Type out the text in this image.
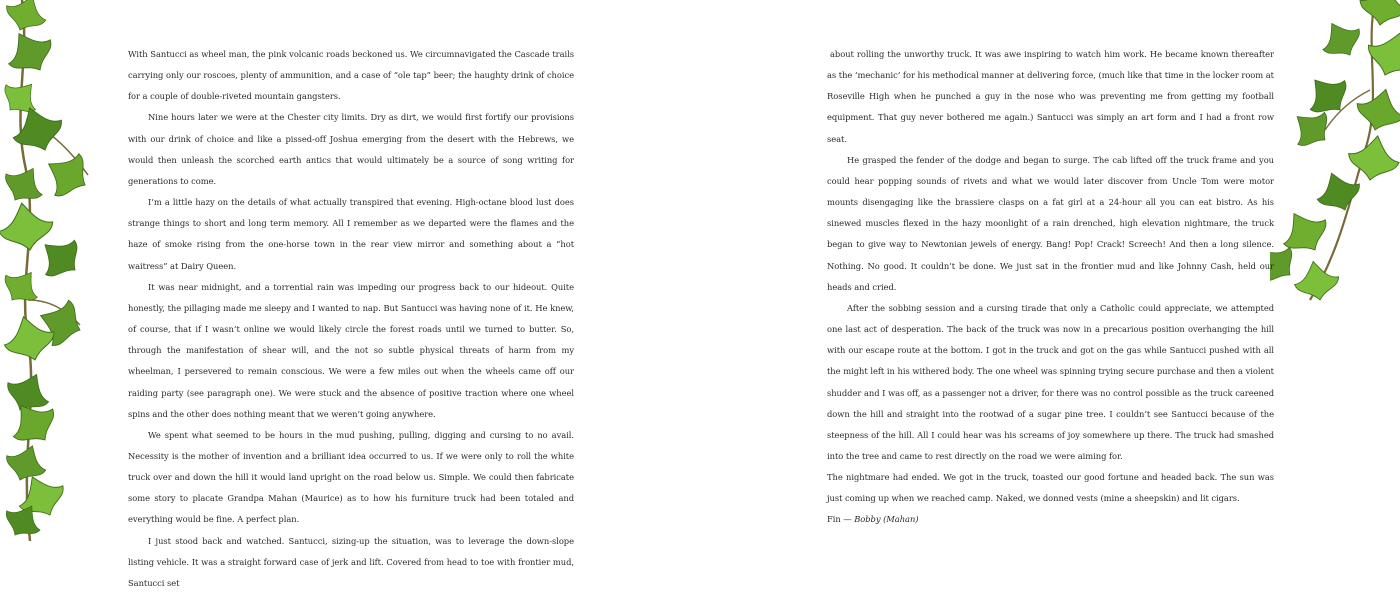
With Santucci as wheel man, the pink volcanic roads beckoned us. We circumnavigated the Cascade trails carrying only our roscoes, plenty of ammunition, and a case of “ole tap” beer; the haughty drink of choice for a couple of double-riveted mountain gangsters.

Nine hours later we were at the Chester city limits. Dry as dirt, we would first fortify our provisions with our drink of choice and like a pissed-off Joshua emerging from the desert with the Hebrews, we would then unleash the scorched earth antics that would ultimately be a source of song writing for generations to come.

I’m a little hazy on the details of what actually transpired that evening. High-octane blood lust does strange things to short and long term memory. All I remember as we departed were the flames and the haze of smoke rising from the one-horse town in the rear view mirror and something about a “hot waitress” at Dairy Queen.

It was near midnight, and a torrential rain was impeding our progress back to our hideout. Quite honestly, the pillaging made me sleepy and I wanted to nap. But Santucci was having none of it. He knew, of course, that if I wasn’t online we would likely circle the forest roads until we turned to butter. So, through the manifestation of shear will, and the not so subtle physical threats of harm from my wheelman, I persevered to remain conscious. We were a few miles out when the wheels came off our raiding party (see paragraph one). We were stuck and the absence of positive traction where one wheel spins and the other does nothing meant that we weren’t going anywhere.

We spent what seemed to be hours in the mud pushing, pulling, digging and cursing to no avail. Necessity is the mother of invention and a brilliant idea occurred to us. If we were only to roll the white truck over and down the hill it would land upright on the road below us. Simple. We could then fabricate some story to placate Grandpa Mahan (Maurice) as to how his furniture truck had been totaled and everything would be fine. A perfect plan.

I just stood back and watched. Santucci, sizing-up the situation, was to leverage the down-slope listing vehicle. It was a straight forward case of jerk and lift. Covered from head to toe with frontier mud, Santucci set

about rolling the unworthy truck. It was awe inspiring to watch him work. He became known thereafter as the ‘mechanic’ for his methodical manner at delivering force, (much like that time in the locker room at Roseville High when he punched a guy in the nose who was preventing me from getting my football equipment. That guy never bothered me again.) Santucci was simply an art form and I had a front row seat.

He grasped the fender of the dodge and began to surge. The cab lifted off the truck frame and you could hear popping sounds of rivets and what we would later discover from Uncle Tom were motor mounts disengaging like the brassiere clasps on a fat girl at a 24-hour all you can eat bistro. As his sinewed muscles flexed in the hazy moonlight of a rain drenched, high elevation nightmare, the truck began to give way to Newtonian jewels of energy. Bang! Pop! Crack! Screech! And then a long silence. Nothing. No good. It couldn’t be done. We just sat in the frontier mud and like Johnny Cash, held our heads and cried.

After the sobbing session and a cursing tirade that only a Catholic could appreciate, we attempted one last act of desperation. The back of the truck was now in a precarious position overhanging the hill with our escape route at the bottom. I got in the truck and got on the gas while Santucci pushed with all the might left in his withered body. The one wheel was spinning trying secure purchase and then a violent shudder and I was off, as a passenger not a driver, for there was no control possible as the truck careened down the hill and straight into the rootwad of a sugar pine tree. I couldn’t see Santucci because of the steepness of the hill. All I could hear was his screams of joy somewhere up there. The truck had smashed into the tree and came to rest directly on the road we were aiming for.

The nightmare had ended. We got in the truck, toasted our good fortune and headed back. The sun was just coming up when we reached camp. Naked, we donned vests (mine a sheepskin) and lit cigars.

Fin — Bobby (Mahan)
